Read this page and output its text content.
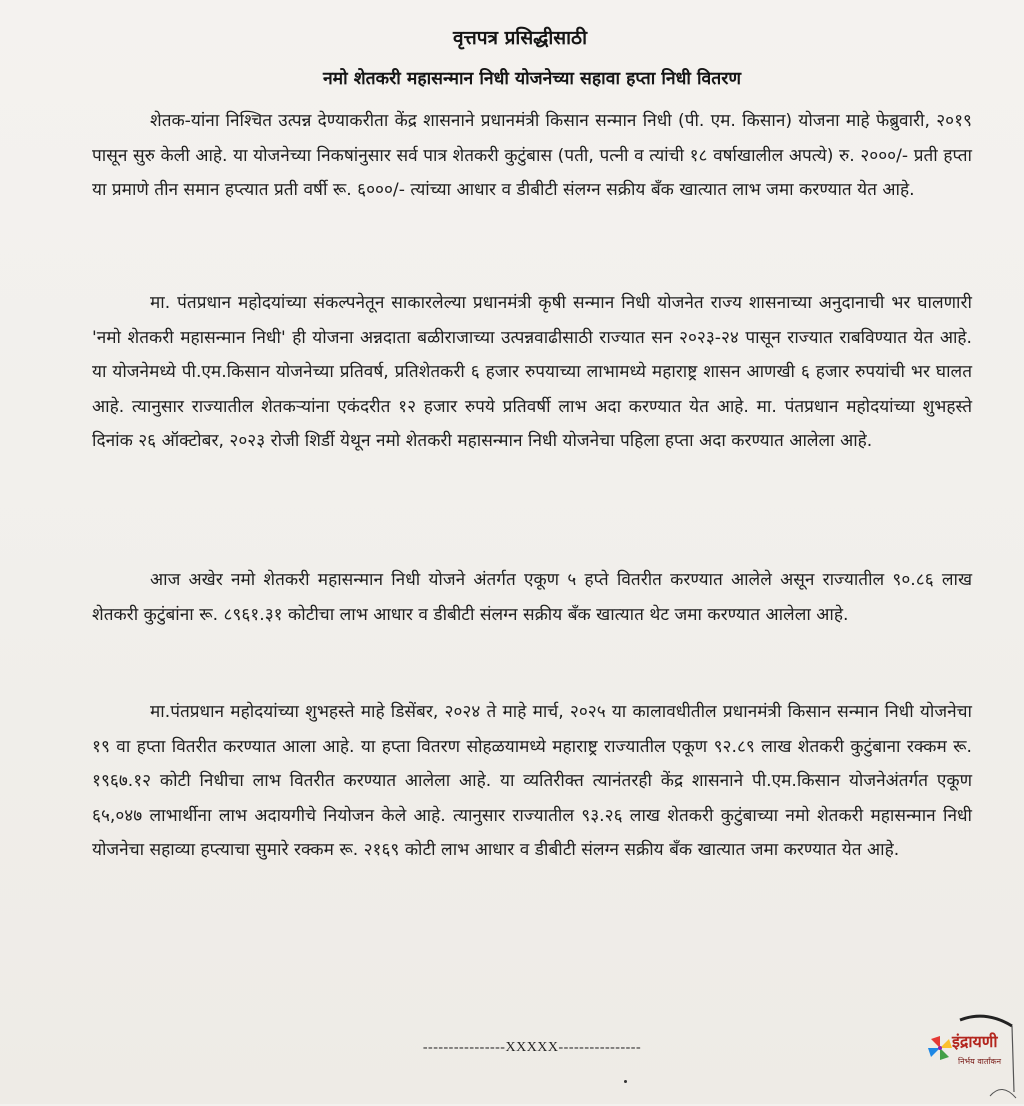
वृत्तपत्र प्रसिद्धीसाठी
नमो शेतकरी महासन्मान निधी योजनेच्या सहावा हप्ता निधी वितरण

शेतक-यांना निश्चित उत्पन्न देण्याकरीता केंद्र शासनाने प्रधानमंत्री किसान सन्मान निधी (पी. एम. किसान) योजना माहे फेब्रुवारी, २०१९ पासून सुरु केली आहे. या योजनेच्या निकषांनुसार सर्व पात्र शेतकरी कुटुंबास (पती, पत्नी व त्यांची १८ वर्षाखालील अपत्ये) रु. २०००/- प्रती हप्ता या प्रमाणे तीन समान हप्त्यात प्रती वर्षी रू. ६०००/- त्यांच्या आधार व डीबीटी संलग्न सक्रीय बँक खात्यात लाभ जमा करण्यात येत आहे.

मा. पंतप्रधान महोदयांच्या संकल्पनेतून साकारलेल्या प्रधानमंत्री कृषी सन्मान निधी योजनेत राज्य शासनाच्या अनुदानाची भर घालणारी 'नमो शेतकरी महासन्मान निधी' ही योजना अन्नदाता बळीराजाच्या उत्पन्नवाढीसाठी राज्यात सन २०२३-२४ पासून राज्यात राबविण्यात येत आहे. या योजनेमध्ये पी.एम.किसान योजनेच्या प्रतिवर्ष, प्रतिशेतकरी ६ हजार रुपयाच्या लाभामध्ये महाराष्ट्र शासन आणखी ६ हजार रुपयांची भर घालत आहे. त्यानुसार राज्यातील शेतकऱ्यांना एकंदरीत १२ हजार रुपये प्रतिवर्षी लाभ अदा करण्यात येत आहे. मा. पंतप्रधान महोदयांच्या शुभहस्ते दिनांक २६ ऑक्टोबर, २०२३ रोजी शिर्डी येथून नमो शेतकरी महासन्मान निधी योजनेचा पहिला हप्ता अदा करण्यात आलेला आहे.

आज अखेर नमो शेतकरी महासन्मान निधी योजने अंतर्गत एकूण ५ हप्ते वितरीत करण्यात आलेले असून राज्यातील ९०.८६ लाख शेतकरी कुटुंबांना रू. ८९६१.३१ कोटीचा लाभ आधार व डीबीटी संलग्न सक्रीय बँक खात्यात थेट जमा करण्यात आलेला आहे.

मा.पंतप्रधान महोदयांच्या शुभहस्ते माहे डिसेंबर, २०२४ ते माहे मार्च, २०२५ या कालावधीतील प्रधानमंत्री किसान सन्मान निधी योजनेचा १९ वा हप्ता वितरीत करण्यात आला आहे. या हप्ता वितरण सोहळयामध्ये महाराष्ट्र राज्यातील एकूण ९२.८९ लाख शेतकरी कुटुंबाना रक्कम रू. १९६७.१२ कोटी निधीचा लाभ वितरीत करण्यात आलेला आहे. या व्यतिरीक्त त्यानंतरही केंद्र शासनाने पी.एम.किसान योजनेअंतर्गत एकूण ६५,०४७ लाभार्थीना लाभ अदायगीचे नियोजन केले आहे. त्यानुसार राज्यातील ९३.२६ लाख शेतकरी कुटुंबाच्या नमो शेतकरी महासन्मान निधी योजनेचा सहाव्या हप्त्याचा सुमारे रक्कम रू. २१६९ कोटी लाभ आधार व डीबीटी संलग्न सक्रीय बँक खात्यात जमा करण्यात येत आहे.

----------------XXXXX----------------	इंद्रायणी
निर्भय वार्तांकन
